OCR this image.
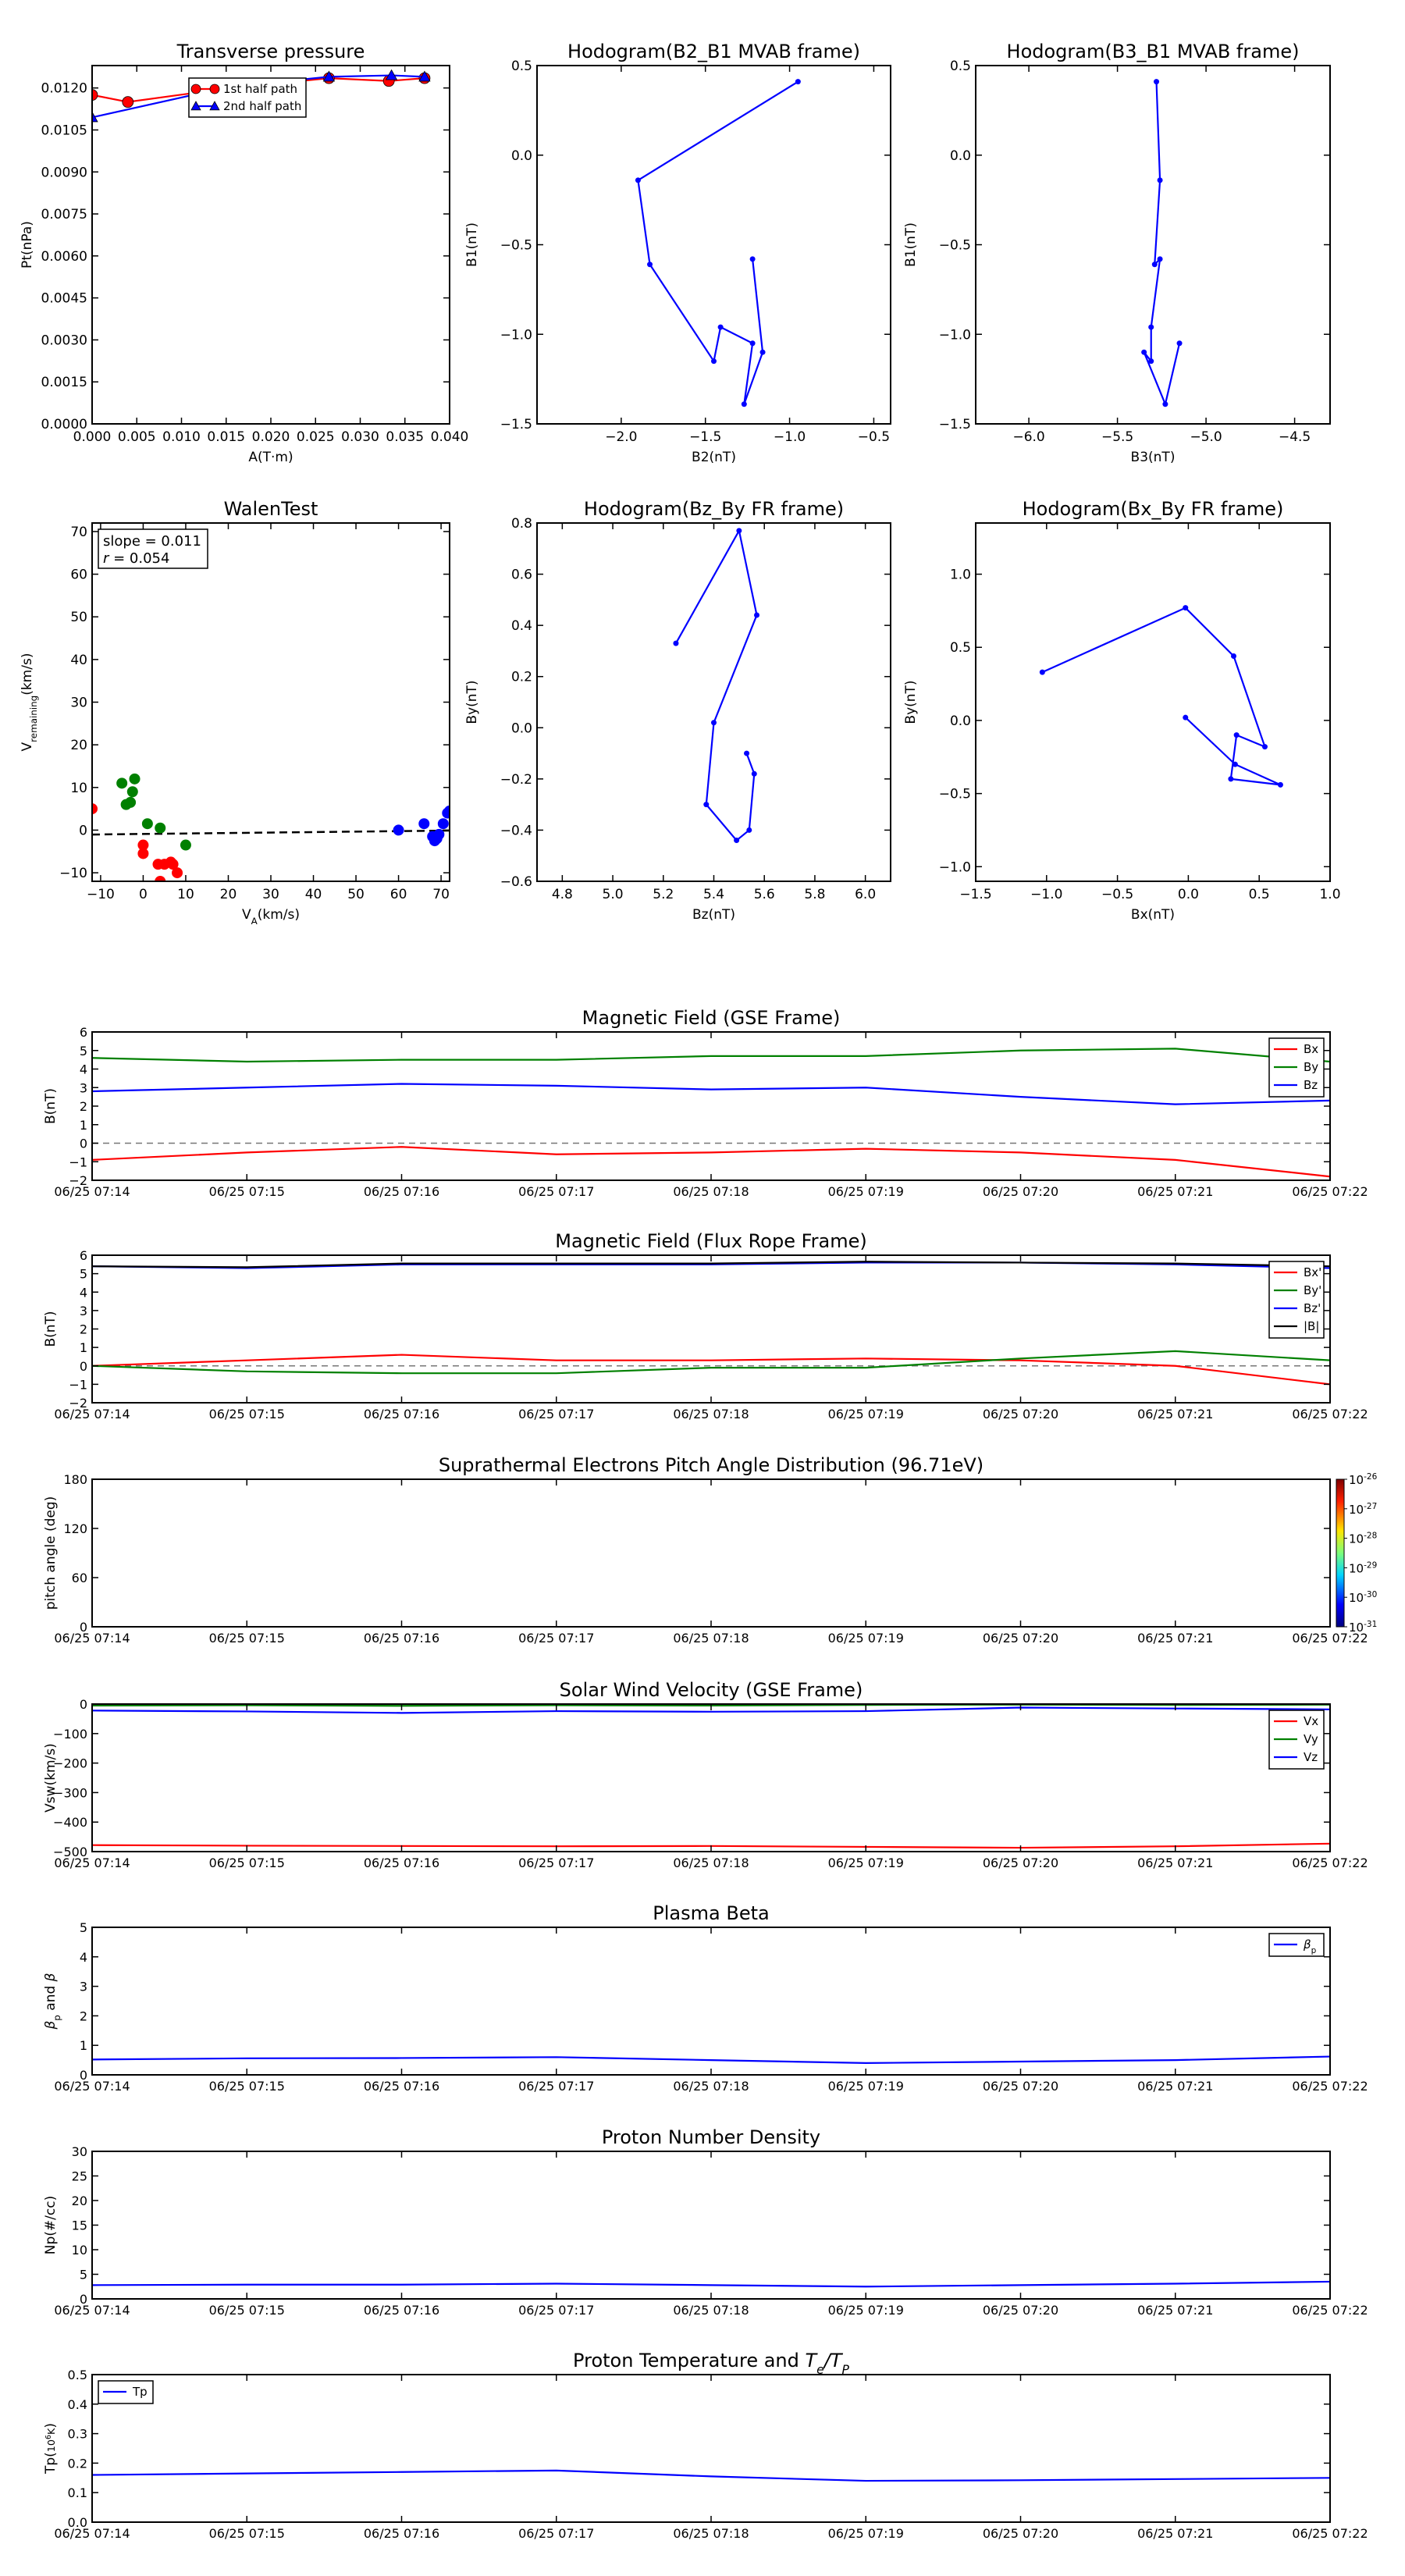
0.000 0.005 0.010 0.015 0.020 0.025 0.030 0.035 0.040
0.0000
0.0015
0.0030
0.0045
0.0060
0.0075
0.0090
0.0105
0.0120
Transverse pressure
A(T·m)
Pt(nPa)
1st half path
2nd half path
−2.0	−1.5	−1.0	−0.5
−1.5
−1.0
−0.5
0.0
0.5
Hodogram(B2_B1 MVAB frame)
B2(nT)
B1(nT)
−6.0	−5.5	−5.0	−4.5
−1.5
−1.0
−0.5
0.0
0.5
Hodogram(B3_B1 MVAB frame)
B3(nT)
B1(nT)
−10 0 10 20 30 40 50 60 70
−10
0
10
20
30
40
50
60
70
WalenTest
$V_A(km/s)$
$V_{remaining}(km/s)$
slope = 0.011
r = 0.054
4.8 5.0 5.2 5.4 5.6 5.8 6.0
−0.6
−0.4
−0.2
0.0
0.2
0.4
0.6
0.8
Hodogram(Bz_By FR frame)
Bz(nT)
By(nT)
−1.5	−1.0	−0.5	0.0	0.5	1.0
−1.0
−0.5
0.0
0.5
1.0
Hodogram(Bx_By FR frame)
Bx(nT)
By(nT)
06/25 07:14	06/25 07:15	06/25 07:16	06/25 07:17	06/25 07:18	06/25 07:19	06/25 07:20	06/25 07:21	06/25 07:22
−2
−1
0
1
2
3
4
5
6
Magnetic Field (GSE Frame)
B(nT)
Bx
By
Bz
06/25 07:14	06/25 07:15	06/25 07:16	06/25 07:17	06/25 07:18	06/25 07:19	06/25 07:20	06/25 07:21	06/25 07:22
−2
−1
0
1
2
3
4
5
6
Magnetic Field (Flux Rope Frame)
B(nT)
Bx'
By'
Bz'
|B|
$10^{-26}$
$10^{-27}$
$10^{-28}$
$10^{-29}$
$10^{-30}$
$10^{-31}$
06/25 07:14	06/25 07:15	06/25 07:16	06/25 07:17	06/25 07:18	06/25 07:19	06/25 07:20	06/25 07:21	06/25 07:22
0
60
120
180
Suprathermal Electrons Pitch Angle Distribution (96.71eV)
pitch angle (deg)
06/25 07:14	06/25 07:15	06/25 07:16	06/25 07:17	06/25 07:18	06/25 07:19	06/25 07:20	06/25 07:21	06/25 07:22
−500
−400
−300
−200
−100
0
Solar Wind Velocity (GSE Frame)
Vsw(km/s)
Vx
Vy
Vz
06/25 07:14	06/25 07:15	06/25 07:16	06/25 07:17	06/25 07:18	06/25 07:19	06/25 07:20	06/25 07:21	06/25 07:22
0
1
2
3
4
5
Plasma Beta
$\beta_p$ and β
$\beta_p$
06/25 07:14	06/25 07:15	06/25 07:16	06/25 07:17	06/25 07:18	06/25 07:19	06/25 07:20	06/25 07:21	06/25 07:22
0
5
10
15
20
25
30
Proton Number Density
Np(#/cc)
06/25 07:14	06/25 07:15	06/25 07:16	06/25 07:17	06/25 07:18	06/25 07:19	06/25 07:20	06/25 07:21	06/25 07:22
0.0
0.1
0.2
0.3
0.4
0.5
Proton Temperature and $T_e/T_P$
$Tp(10^6K)$
Tp
